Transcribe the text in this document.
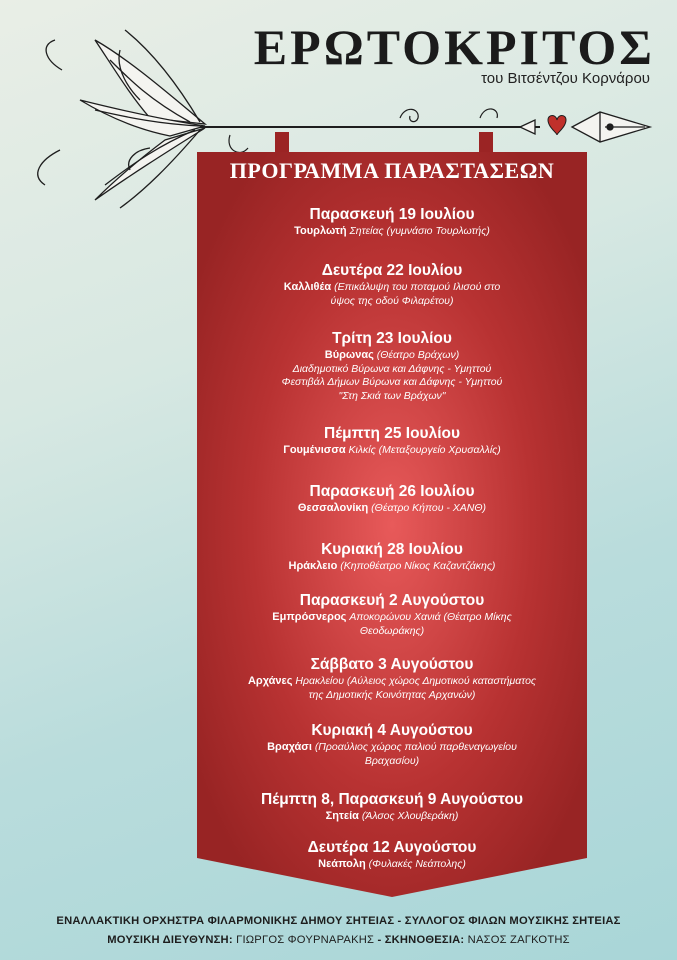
ΕΡΩΤΟΚΡΙΤΟΣ
του Βιτσέντζου Κορνάρου
ΠΡΟΓΡΑΜΜΑ ΠΑΡΑΣΤΑΣΕΩΝ
Παρασκευή 19 Ιουλίου
Τουρλωτή Σητείας (γυμνάσιο Τουρλωτής)
Δευτέρα 22 Ιουλίου
Καλλιθέα (Επικάλυψη του ποταμού Ιλισού στο
ύψος της οδού Φιλαρέτου)
Τρίτη 23 Ιουλίου
Βύρωνας (Θέατρο Βράχων)
Διαδημοτικό Βύρωνα και Δάφνης - Υμηττού
Φεστιβάλ Δήμων Βύρωνα και Δάφνης - Υμηττού
"Στη Σκιά των Βράχων"
Πέμπτη 25 Ιουλίου
Γουμένισσα Κιλκίς (Μεταξουργείο Χρυσαλλίς)
Παρασκευή 26 Ιουλίου
Θεσσαλονίκη (Θέατρο Κήπου - ΧΑΝΘ)
Κυριακή 28 Ιουλίου
Ηράκλειο (Κηποθέατρο Νίκος Καζαντζάκης)
Παρασκευή 2 Αυγούστου
Εμπρόσνερος Αποκορώνου Χανιά (Θέατρο Μίκης
Θεοδωράκης)
Σάββατο 3 Αυγούστου
Αρχάνες Ηρακλείου (Αύλειος χώρος Δημοτικού καταστήματος
της Δημοτικής Κοινότητας Αρχανών)
Κυριακή 4 Αυγούστου
Βραχάσι (Προαύλιος χώρος παλιού παρθεναγωγείου
Βραχασίου)
Πέμπτη 8, Παρασκευή 9 Αυγούστου
Σητεία (Άλσος Χλουβεράκη)
Δευτέρα 12 Αυγούστου
Νεάπολη (Φυλακές Νεάπολης)
ΕΝΑΛΛΑΚΤΙΚΗ ΟΡΧΗΣΤΡΑ ΦΙΛΑΡΜΟΝΙΚΗΣ ΔΗΜΟΥ ΣΗΤΕΙΑΣ - ΣΥΛΛΟΓΟΣ ΦΙΛΩΝ ΜΟΥΣΙΚΗΣ ΣΗΤΕΙΑΣ
ΜΟΥΣΙΚΗ ΔΙΕΥΘΥΝΣΗ: ΓΙΩΡΓΟΣ ΦΟΥΡΝΑΡΑΚΗΣ - ΣΚΗΝΟΘΕΣΙΑ: ΝΑΣΟΣ ΖΑΓΚΟΤΗΣ
